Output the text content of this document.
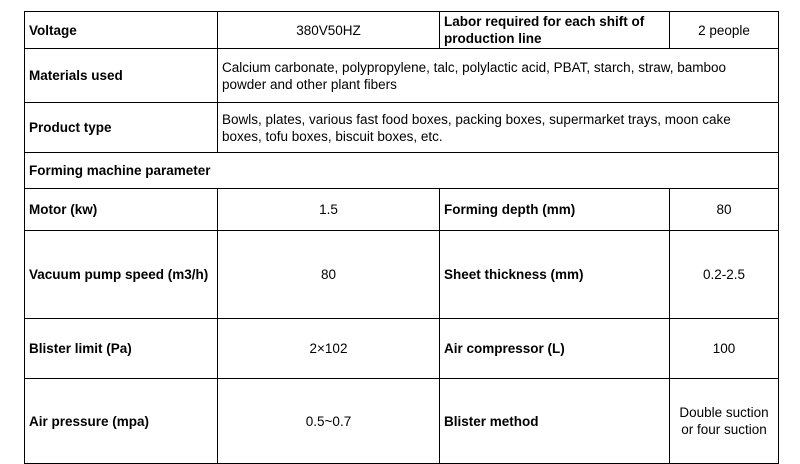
Voltage	380V50HZ	Labor required for each shift of production line	2 people
Materials used	Calcium carbonate, polypropylene, talc, polylactic acid, PBAT, starch, straw, bamboo powder and other plant fibers		
Product type	Bowls, plates, various fast food boxes, packing boxes, supermarket trays, moon cake boxes, tofu boxes, biscuit boxes, etc.		
Forming machine parameter			
Motor (kw)	1.5	Forming depth (mm)	80
Vacuum pump speed (m3/h)	80	Sheet thickness (mm)	0.2-2.5
Blister limit (Pa)	2×102	Air compressor (L)	100
Air pressure (mpa)	0.5~0.7	Blister method	Double suction or four suction
